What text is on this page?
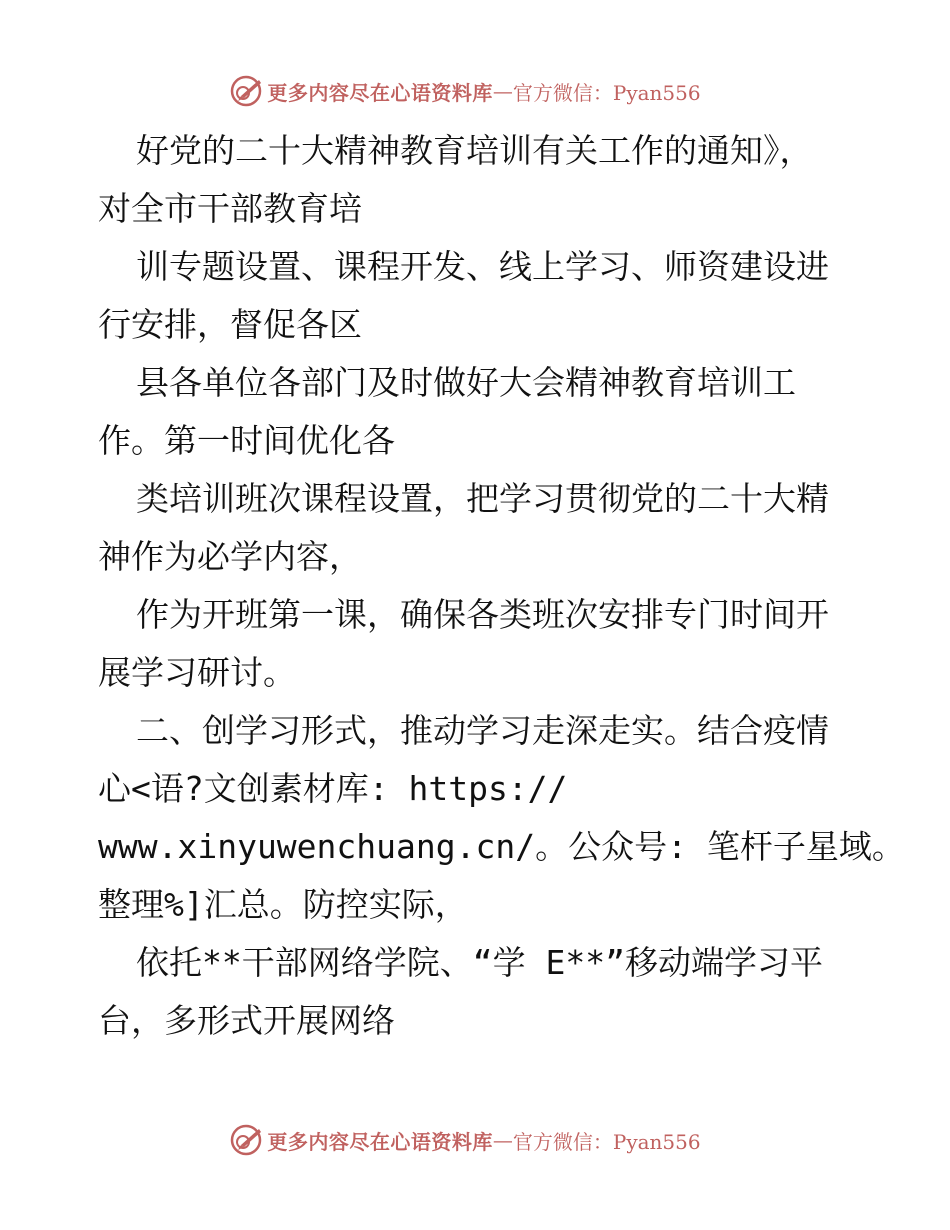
更多内容尽在心语资料库 — 官方微信：Pyan556
好党的二十大精神教育培训有关工作的通知》，
对全市干部教育培
训专题设置、课程开发、线上学习、师资建设进
行安排，督促各区
县各单位各部门及时做好大会精神教育培训工
作。第一时间优化各
类培训班次课程设置，把学习贯彻党的二十大精
神作为必学内容，
作为开班第一课，确保各类班次安排专门时间开
展学习研讨。
二、创学习形式，推动学习走深走实。结合疫情
心<语?文创素材库: https://
www.xinyuwenchuang.cn/。公众号: 笔杆子星域。
整理%]汇总。防控实际，
依托**干部网络学院、“学 E**”移动端学习平
台，多形式开展网络
更多内容尽在心语资料库 — 官方微信：Pyan556
